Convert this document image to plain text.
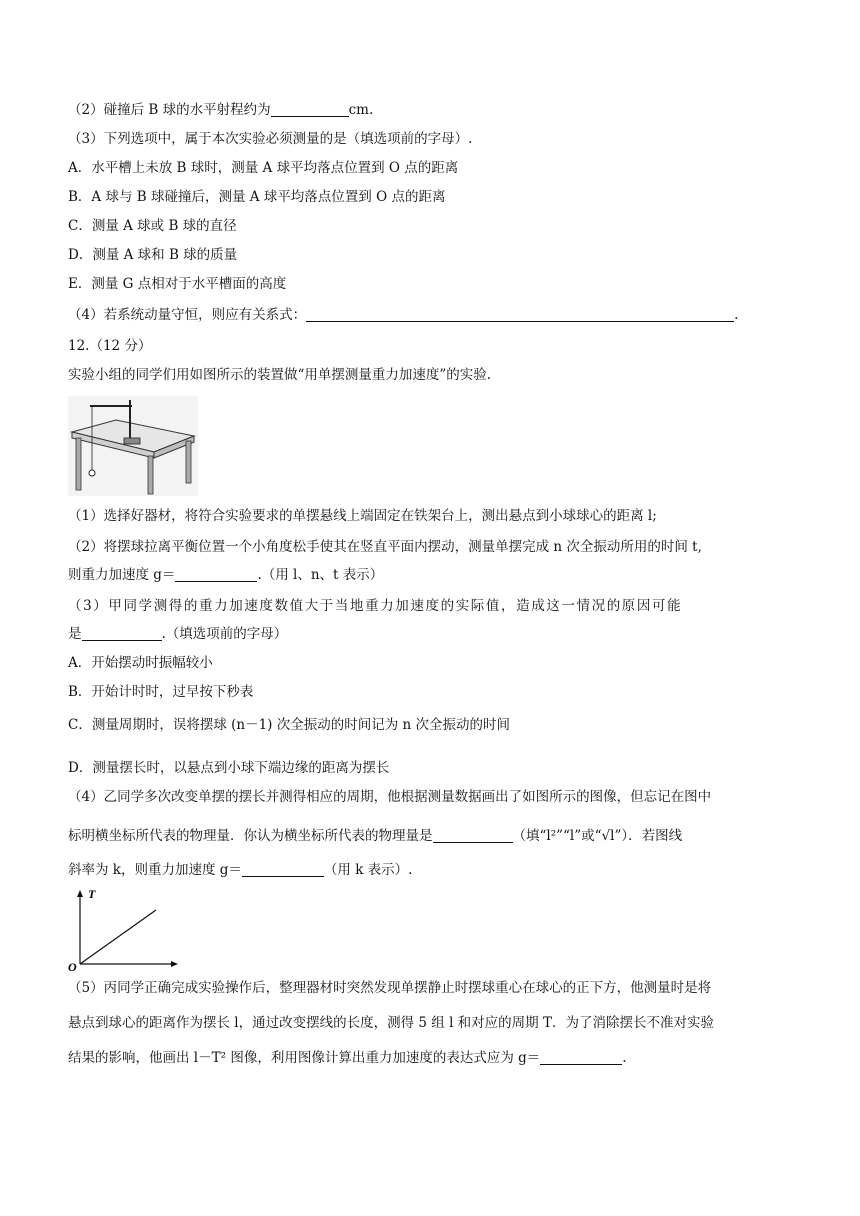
（2）碰撞后 B 球的水平射程约为	cm.
（3）下列选项中，属于本次实验必须测量的是（填选项前的字母）.
A．水平槽上未放 B 球时，测量 A 球平均落点位置到 O 点的距离
B．A 球与 B 球碰撞后，测量 A 球平均落点位置到 O 点的距离
C．测量 A 球或 B 球的直径
D．测量 A 球和 B 球的质量
E．测量 G 点相对于水平槽面的高度
（4）若系统动量守恒，则应有关系式：	.
12.（12 分）
实验小组的同学们用如图所示的装置做“用单摆测量重力加速度”的实验.
（1）选择好器材，将符合实验要求的单摆悬线上端固定在铁架台上，测出悬点到小球球心的距离 l;
（2）将摆球拉离平衡位置一个小角度松手使其在竖直平面内摆动，测量单摆完成 n 次全振动所用的时间 t,
则重力加速度 g＝	.（用 l、n、t 表示）
（3）甲同学测得的重力加速度数值大于当地重力加速度的实际值，造成这一情况的原因可能
是	.（填选项前的字母）
A．开始摆动时振幅较小
B．开始计时时，过早按下秒表
C．测量周期时，误将摆球 (n－1) 次全振动的时间记为 n 次全振动的时间
D．测量摆长时，以悬点到小球下端边缘的距离为摆长
（4）乙同学多次改变单摆的摆长并测得相应的周期，他根据测量数据画出了如图所示的图像，但忘记在图中
标明横坐标所代表的物理量．你认为横坐标所代表的物理量是	（填“l²”“l”或“√l”）．若图线
斜率为 k，则重力加速度 g＝	（用 k 表示）.
T
O
（5）丙同学正确完成实验操作后，整理器材时突然发现单摆静止时摆球重心在球心的正下方，他测量时是将
悬点到球心的距离作为摆长 l，通过改变摆线的长度，测得 5 组 l 和对应的周期 T．为了消除摆长不准对实验
结果的影响，他画出 l－T² 图像，利用图像计算出重力加速度的表达式应为 g＝	.
